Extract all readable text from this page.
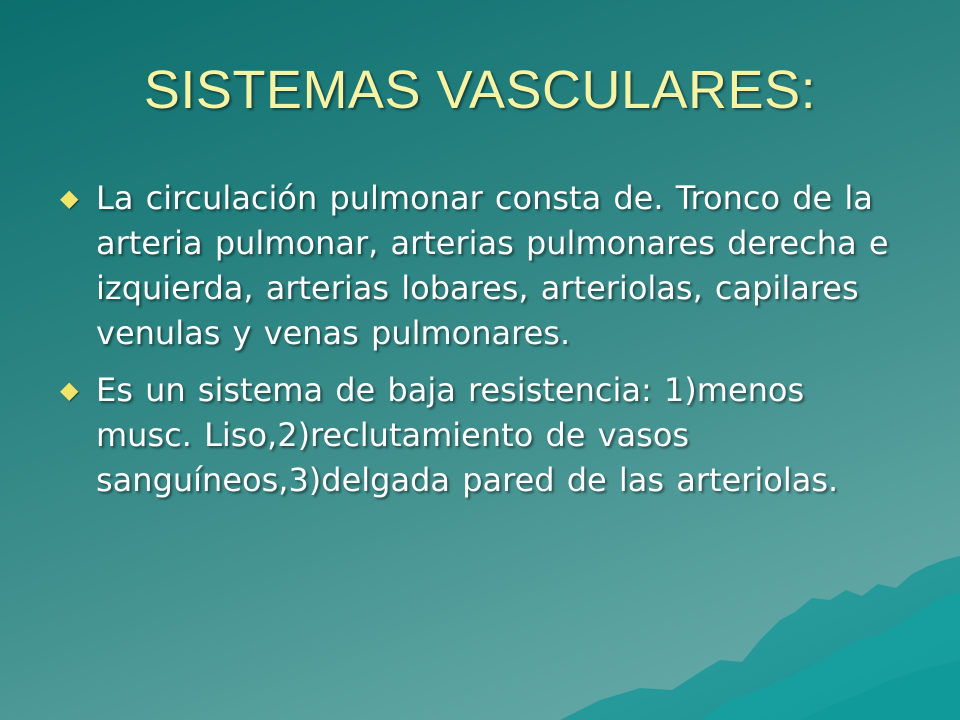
SISTEMAS VASCULARES:
◆ La circulación pulmonar consta de. Tronco de la arteria pulmonar, arterias pulmonares derecha e izquierda, arterias lobares, arteriolas, capilares venulas y venas pulmonares.
◆ Es un sistema de baja resistencia: 1)menos musc. Liso,2)reclutamiento de vasos sanguíneos,3)delgada pared de las arteriolas.
